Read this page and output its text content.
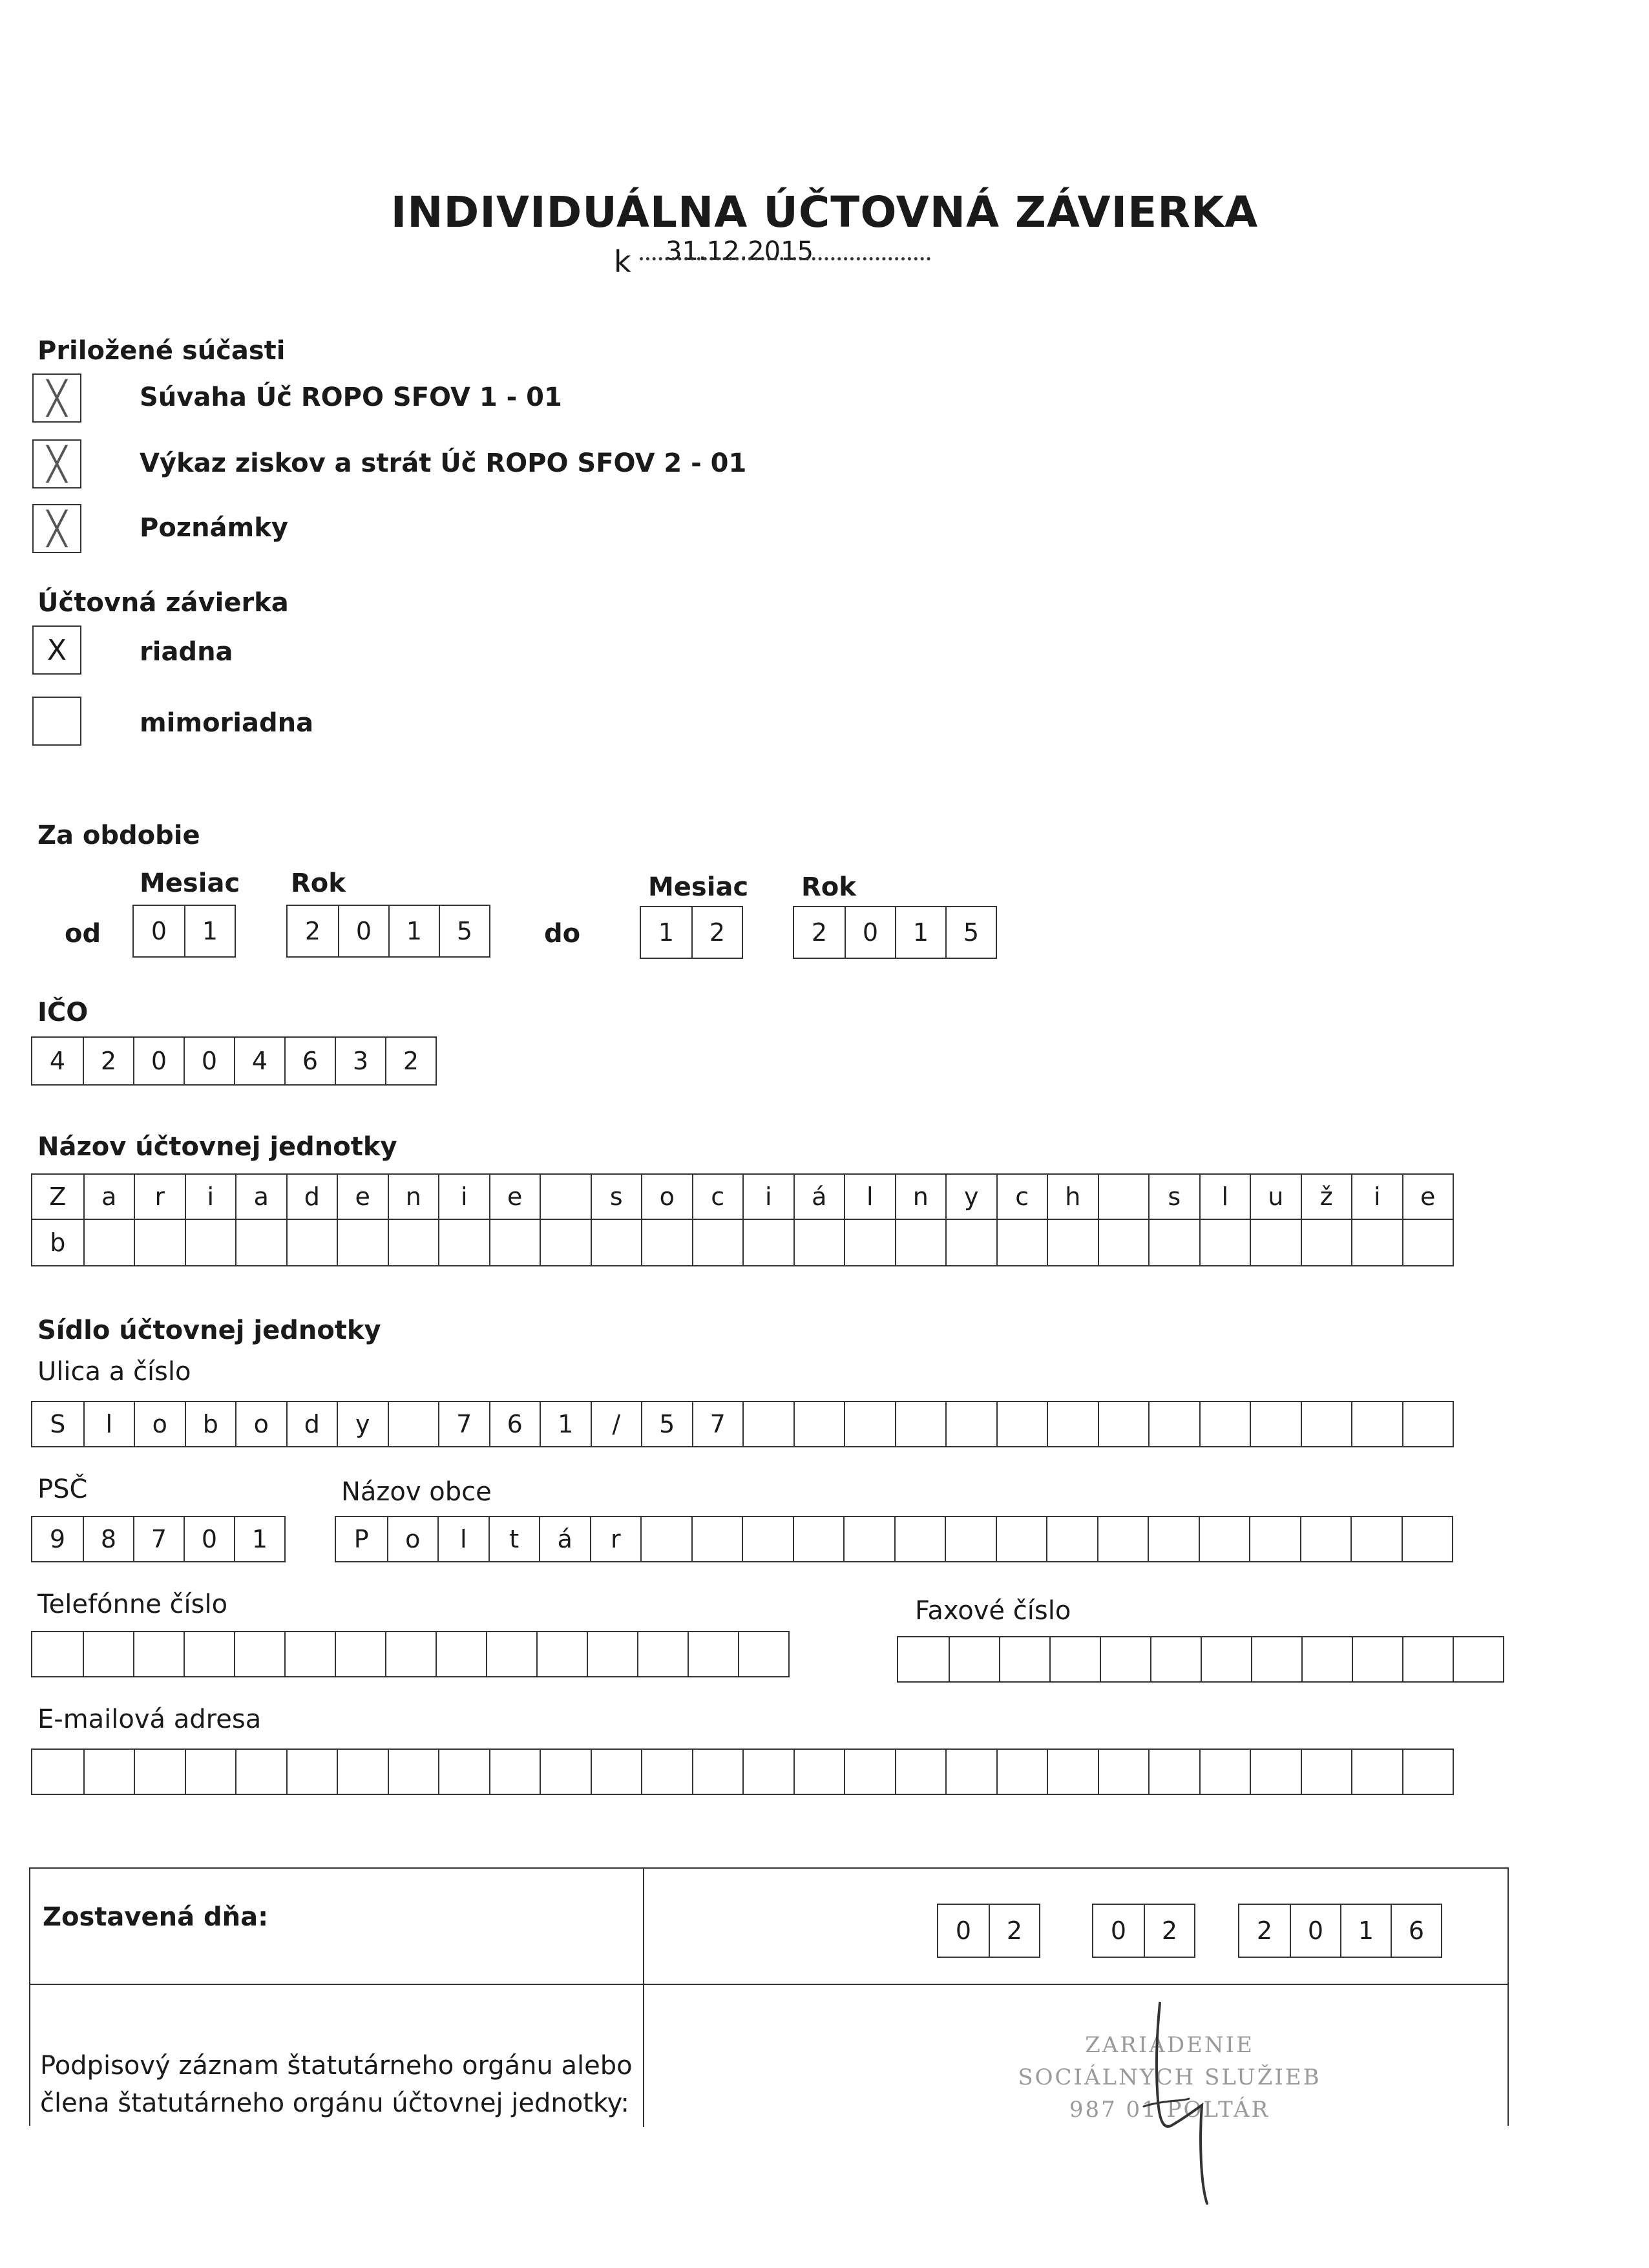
INDIVIDUÁLNA ÚČTOVNÁ ZÁVIERKA
k 31.12.2015
Priložené súčasti
╳	Súvaha Úč ROPO SFOV 1 - 01
╳	Výkaz ziskov a strát Úč ROPO SFOV 2 - 01
╳	Poznámky
Účtovná závierka
X	riadna
mimoriadna
Za obdobie
Mesiac Rok	Mesiac Rok
od	0	1	2	0	1	5	do	1	2	2	0	1	5
IČO
4	2	0	0	4	6	3	2
Názov účtovnej jednotky
Z	a	r	i	a	d	e	n	i	e	s	o	c	i	á	l	n	y	c	h	s	l	u	ž	i	e
b
Sídlo účtovnej jednotky
Ulica a číslo
S	l	o	b	o	d	y	7	6	1	/	5	7
PSČ
9	8	7	0	1
Názov obce
P	o	l	t	á	r
Telefónne číslo	Faxové číslo
E-mailová adresa
Zostavená dňa:	0	2	0	2	2	0	1	6
Podpisový záznam štatutárneho orgánu alebo
člena štatutárneho orgánu účtovnej jednotky:
ZARIADENIE
SOCIÁLNYCH SLUŽIEB
987 01 POLTÁR
